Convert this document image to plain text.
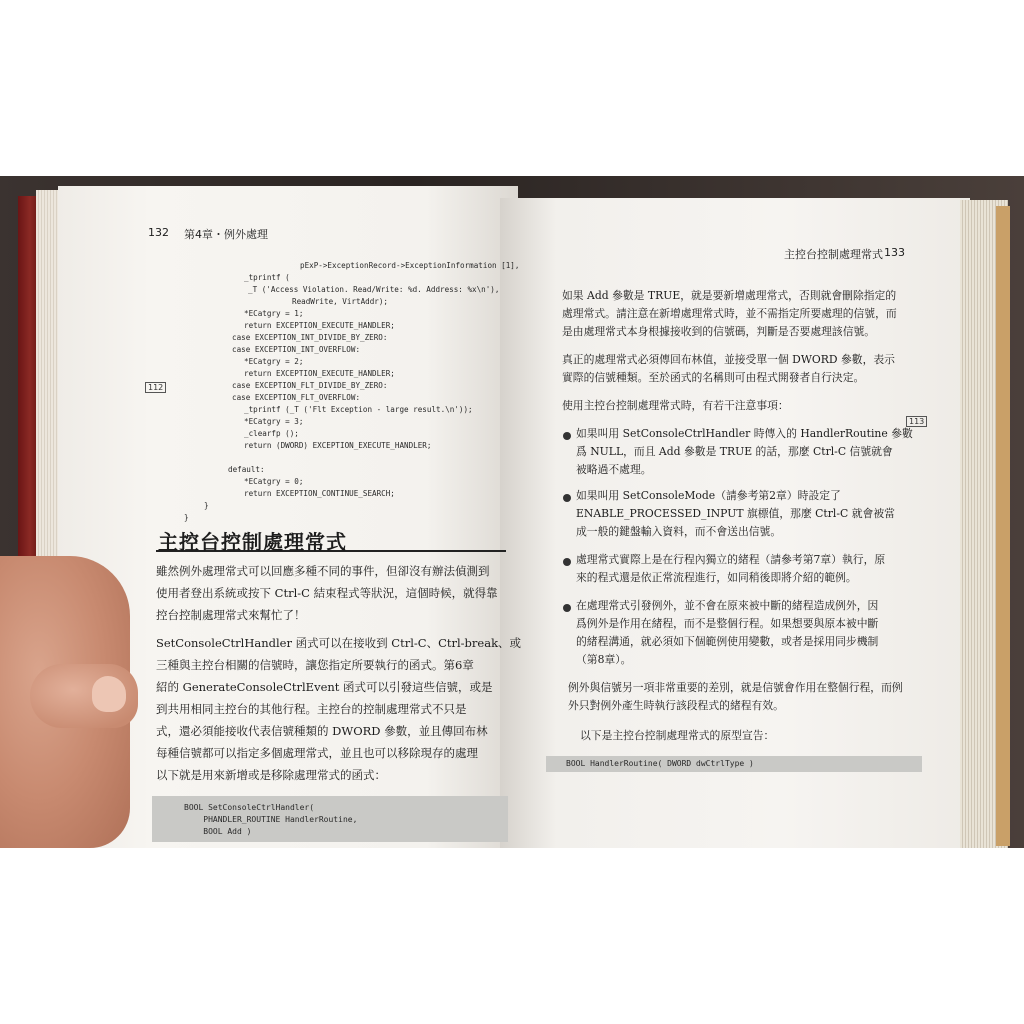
132 第4章・例外處理
112
pExP->ExceptionRecord->ExceptionInformation [1],
_tprintf (
_T ('Access Violation. Read/Write: %d. Address: %x\n'),
ReadWrite, VirtAddr);
*ECatgry = 1;
return EXCEPTION_EXECUTE_HANDLER;
case EXCEPTION_INT_DIVIDE_BY_ZERO:
case EXCEPTION_INT_OVERFLOW:
*ECatgry = 2;
return EXCEPTION_EXECUTE_HANDLER;
case EXCEPTION_FLT_DIVIDE_BY_ZERO:
case EXCEPTION_FLT_OVERFLOW:
_tprintf (_T ('Flt Exception - large result.\n'));
*ECatgry = 3;
_clearfp ();
return (DWORD) EXCEPTION_EXECUTE_HANDLER;
default:
*ECatgry = 0;
return EXCEPTION_CONTINUE_SEARCH;
}
}
主控台控制處理常式
雖然例外處理常式可以回應多種不同的事件，但卻沒有辦法偵測到
使用者登出系統或按下 Ctrl-C 結束程式等狀況，這個時候，就得靠
控台控制處理常式來幫忙了！
SetConsoleCtrlHandler 函式可以在接收到 Ctrl-C、Ctrl-break、或
三種與主控台相關的信號時，讓您指定所要執行的函式。第6章
紹的 GenerateConsoleCtrlEvent 函式可以引發這些信號，或是
到共用相同主控台的其他行程。主控台的控制處理常式不只是
式，還必須能接收代表信號種類的 DWORD 參數，並且傳回布林
每種信號都可以指定多個處理常式，並且也可以移除現存的處理
以下就是用來新增或是移除處理常式的函式：
BOOL SetConsoleCtrlHandler(
PHANDLER_ROUTINE HandlerRoutine,
BOOL Add )
主控台控制處理常式 133
如果 Add 參數是 TRUE，就是要新增處理常式，否則就會刪除指定的
處理常式。請注意在新增處理常式時，並不需指定所要處理的信號，而
是由處理常式本身根據接收到的信號碼，判斷是否要處理該信號。
真正的處理常式必須傳回布林值，並接受單一個 DWORD 參數，表示
實際的信號種類。至於函式的名稱則可由程式開發者自行決定。
使用主控台控制處理常式時，有若干注意事項：
113
如果叫用 SetConsoleCtrlHandler 時傳入的 HandlerRoutine 參數
爲 NULL，而且 Add 參數是 TRUE 的話，那麼 Ctrl-C 信號就會
被略過不處理。
如果叫用 SetConsoleMode（請參考第2章）時設定了
ENABLE_PROCESSED_INPUT 旗標值，那麼 Ctrl-C 就會被當
成一般的鍵盤輸入資料，而不會送出信號。
處理常式實際上是在行程內獨立的緒程（請參考第7章）執行，原
來的程式還是依正常流程進行，如同稍後即將介紹的範例。
在處理常式引發例外，並不會在原來被中斷的緒程造成例外，因
爲例外是作用在緒程，而不是整個行程。如果想要與原本被中斷
的緒程溝通，就必須如下個範例使用變數，或者是採用同步機制
（第8章）。
例外與信號另一項非常重要的差別，就是信號會作用在整個行程，而例
外只對例外產生時執行該段程式的緒程有效。
以下是主控台控制處理常式的原型宣告：
BOOL HandlerRoutine( DWORD dwCtrlType )
